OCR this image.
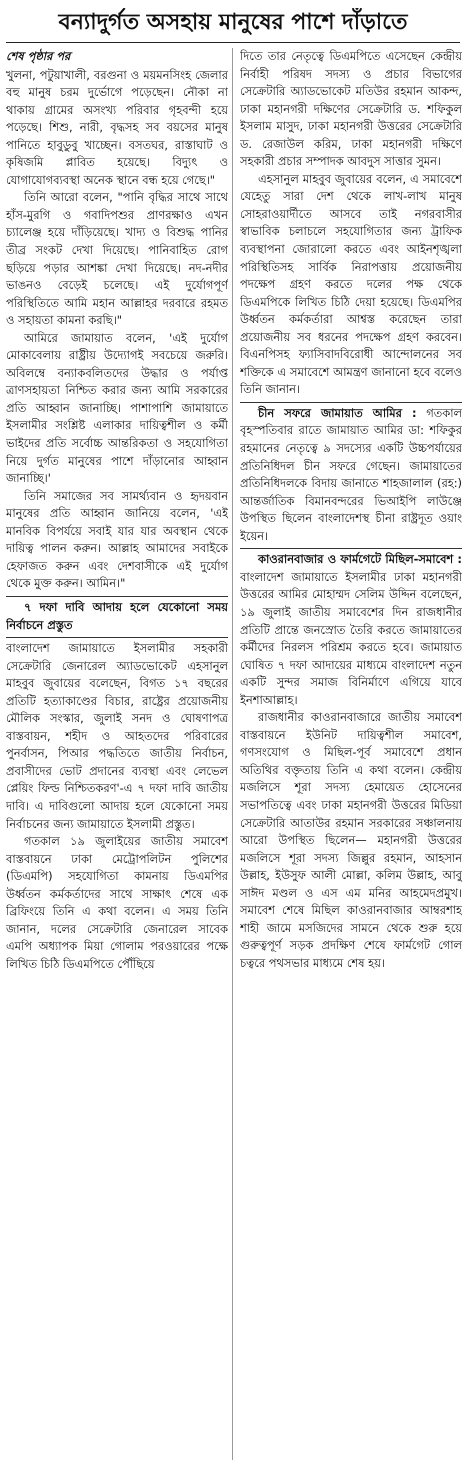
বন্যাদুর্গত অসহায় মানুষের পাশে দাঁড়াতে

শেষ পৃষ্ঠার পর

খুলনা, পটুয়াখালী, বরগুনা ও ময়মনসিংহ জেলার বহু মানুষ চরম দুর্ভোগে পড়েছেন। নৌকা না থাকায় গ্রামের অসংখ্য পরিবার গৃহবন্দী হয়ে পড়েছে। শিশু, নারী, বৃদ্ধসহ সব বয়সের মানুষ পানিতে হাবুডুবু খাচ্ছেন। বসতঘর, রাস্তাঘাট ও কৃষিজমি প্লাবিত হয়েছে। বিদ্যুৎ ও যোগাযোগব্যবস্থা অনেক স্থানে বন্ধ হয়ে গেছে।"

তিনি আরো বলেন, "পানি বৃদ্ধির সাথে সাথে হাঁস-মুরগি ও গবাদিপশুর প্রাণরক্ষাও এখন চ্যালেঞ্জ হয়ে দাঁড়িয়েছে। খাদ্য ও বিশুদ্ধ পানির তীব্র সংকট দেখা দিয়েছে। পানিবাহিত রোগ ছড়িয়ে পড়ার আশঙ্কা দেখা দিয়েছে। নদ-নদীর ভাঙনও বেড়েই চলেছে। এই দুর্যোগপূর্ণ পরিস্থিতিতে আমি মহান আল্লাহর দরবারে রহমত ও সহায়তা কামনা করছি।"

আমিরে জামায়াত বলেন, 'এই দুর্যোগ মোকাবেলায় রাষ্ট্রীয় উদ্যোগই সবচেয়ে জরুরি। অবিলম্বে বন্যাকবলিতদের উদ্ধার ও পর্যাপ্ত ত্রাণসহায়তা নিশ্চিত করার জন্য আমি সরকারের প্রতি আহ্বান জানাচ্ছি। পাশাপাশি জামায়াতে ইসলামীর সংশ্লিষ্ট এলাকার দায়িত্বশীল ও কর্মী ভাইদের প্রতি সর্বোচ্চ আন্তরিকতা ও সহযোগিতা নিয়ে দুর্গত মানুষের পাশে দাঁড়ানোর আহ্বান জানাচ্ছি।'

তিনি সমাজের সব সামর্থ্যবান ও হৃদয়বান মানুষের প্রতি আহ্বান জানিয়ে বলেন, 'এই মানবিক বিপর্যয়ে সবাই যার যার অবস্থান থেকে দায়িত্ব পালন করুন। আল্লাহ আমাদের সবাইকে হেফাজত করুন এবং দেশবাসীকে এই দুর্যোগ থেকে মুক্ত করুন। আমিন।"

৭ দফা দাবি আদায় হলে যেকোনো সময় নির্বাচনে প্রস্তুত

বাংলাদেশ জামায়াতে ইসলামীর সহকারী সেক্রেটারি জেনারেল অ্যাডভোকেট এহসানুল মাহবুব জুবায়ের বলেছেন, বিগত ১৭ বছরের প্রতিটি হত্যাকাণ্ডের বিচার, রাষ্ট্রের প্রয়োজনীয় মৌলিক সংস্কার, জুলাই সনদ ও ঘোষণাপত্র বাস্তবায়ন, শহীদ ও আহতদের পরিবারের পুনর্বাসন, পিআর পদ্ধতিতে জাতীয় নির্বাচন, প্রবাসীদের ভোট প্রদানের ব্যবস্থা এবং লেভেল প্লেয়িং ফিল্ড নিশ্চিতকরণ'-এ ৭ দফা দাবি জাতীয় দাবি। এ দাবিগুলো আদায় হলে যেকোনো সময় নির্বাচনের জন্য জামায়াতে ইসলামী প্রস্তুত।

গতকাল ১৯ জুলাইয়ের জাতীয় সমাবেশ বাস্তবায়নে ঢাকা মেট্রোপলিটন পুলিশের (ডিএমপি) সহযোগিতা কামনায় ডিএমপির উর্ধ্বতন কর্মকর্তাদের সাথে সাক্ষাৎ শেষে এক ব্রিফিংয়ে তিনি এ কথা বলেন। এ সময় তিনি জানান, দলের সেক্রেটারি জেনারেল সাবেক এমপি অধ্যাপক মিয়া গোলাম পরওয়ারের পক্ষে লিখিত চিঠি ডিএমপিতে পৌঁছিয়ে

দিতে তার নেতৃত্বে ডিএমপিতে এসেছেন কেন্দ্রীয় নির্বাহী পরিষদ সদস্য ও প্রচার বিভাগের সেক্রেটারি অ্যাডভোকেট মতিউর রহমান আকন্দ, ঢাকা মহানগরী দক্ষিণের সেক্রেটারি ড. শফিকুল ইসলাম মাসুদ, ঢাকা মহানগরী উত্তরের সেক্রেটারি ড. রেজাউল করিম, ঢাকা মহানগরী দক্ষিণে সহকারী প্রচার সম্পাদক আবদুস সাত্তার সুমন।

এহসানুল মাহবুব জুবায়ের বলেন, এ সমাবেশে যেহেতু সারা দেশ থেকে লাখ-লাখ মানুষ সোহরাওয়ার্দীতে আসবে তাই নগরবাসীর স্বাভাবিক চলাচলে সহযোগিতার জন্য ট্রাফিক ব্যবস্থাপনা জোরালো করতে এবং আইনশৃঙ্খলা পরিস্থিতিসহ সার্বিক নিরাপত্তায় প্রয়োজনীয় পদক্ষেপ গ্রহণ করতে দলের পক্ষ থেকে ডিএমপিকে লিখিত চিঠি দেয়া হয়েছে। ডিএমপির উর্ধ্বতন কর্মকর্তারা আশ্বস্ত করেছেন তারা প্রয়োজনীয় সব ধরনের পদক্ষেপ গ্রহণ করবেন। বিএনপিসহ ফ্যাসিবাদবিরোধী আন্দোলনের সব শক্তিকে এ সমাবেশে আমন্ত্রণ জানানো হবে বলেও তিনি জানান।

চীন সফরে জামায়াত আমির : গতকাল বৃহস্পতিবার রাতে জামায়াত আমির ডা: শফিকুর রহমানের নেতৃত্বে ৯ সদস্যের একটি উচ্চপর্যায়ের প্রতিনিধিদল চীন সফরে গেছেন। জামায়াতের প্রতিনিধিদলকে বিদায় জানাতে শাহজালাল (রহ:) আন্তর্জাতিক বিমানবন্দরের ভিআইপি লাউঞ্জে উপস্থিত ছিলেন বাংলাদেশস্থ চীনা রাষ্ট্রদূত ওয়াং ইয়েন।

কাওরানবাজার ও ফার্মগেটে মিছিল-সমাবেশ : বাংলাদেশ জামায়াতে ইসলামীর ঢাকা মহানগরী উত্তরের আমির মোহাম্মদ সেলিম উদ্দিন বলেছেন, ১৯ জুলাই জাতীয় সমাবেশের দিন রাজধানীর প্রতিটি প্রান্তে জনস্রোত তৈরি করতে জামায়াতের কর্মীদের নিরলস পরিশ্রম করতে হবে। জামায়াত ঘোষিত ৭ দফা আদায়ের মাধ্যমে বাংলাদেশ নতুন একটি সুন্দর সমাজ বিনির্মাণে এগিয়ে যাবে ইনশাআল্লাহ।

রাজধানীর কাওরানবাজারে জাতীয় সমাবেশ বাস্তবায়নে ইউনিট দায়িত্বশীল সমাবেশ, গণসংযোগ ও মিছিল-পূর্ব সমাবেশে প্রধান অতিথির বক্তৃতায় তিনি এ কথা বলেন। কেন্দ্রীয় মজলিসে শূরা সদস্য হেমায়েত হোসেনের সভাপতিত্বে এবং ঢাকা মহানগরী উত্তরের মিডিয়া সেক্রেটারি আতাউর রহমান সরকারের সঞ্চালনায় আরো উপস্থিত ছিলেন— মহানগরী উত্তরের মজলিসে শূরা সদস্য জিল্লুর রহমান, আহসান উল্লাহ, ইউসুফ আলী মোল্লা, কলিম উল্লাহ, আবু সাঈদ মণ্ডল ও এস এম মনির আহমেদপ্রমুখ। সমাবেশ শেষে মিছিল কাওরানবাজার আম্বরশাহ শাহী জামে মসজিদের সামনে থেকে শুরু হয়ে গুরুত্বপূর্ণ সড়ক প্রদক্ষিণ শেষে ফার্মগেট গোল চত্বরে পথসভার মাধ্যমে শেষ হয়।
